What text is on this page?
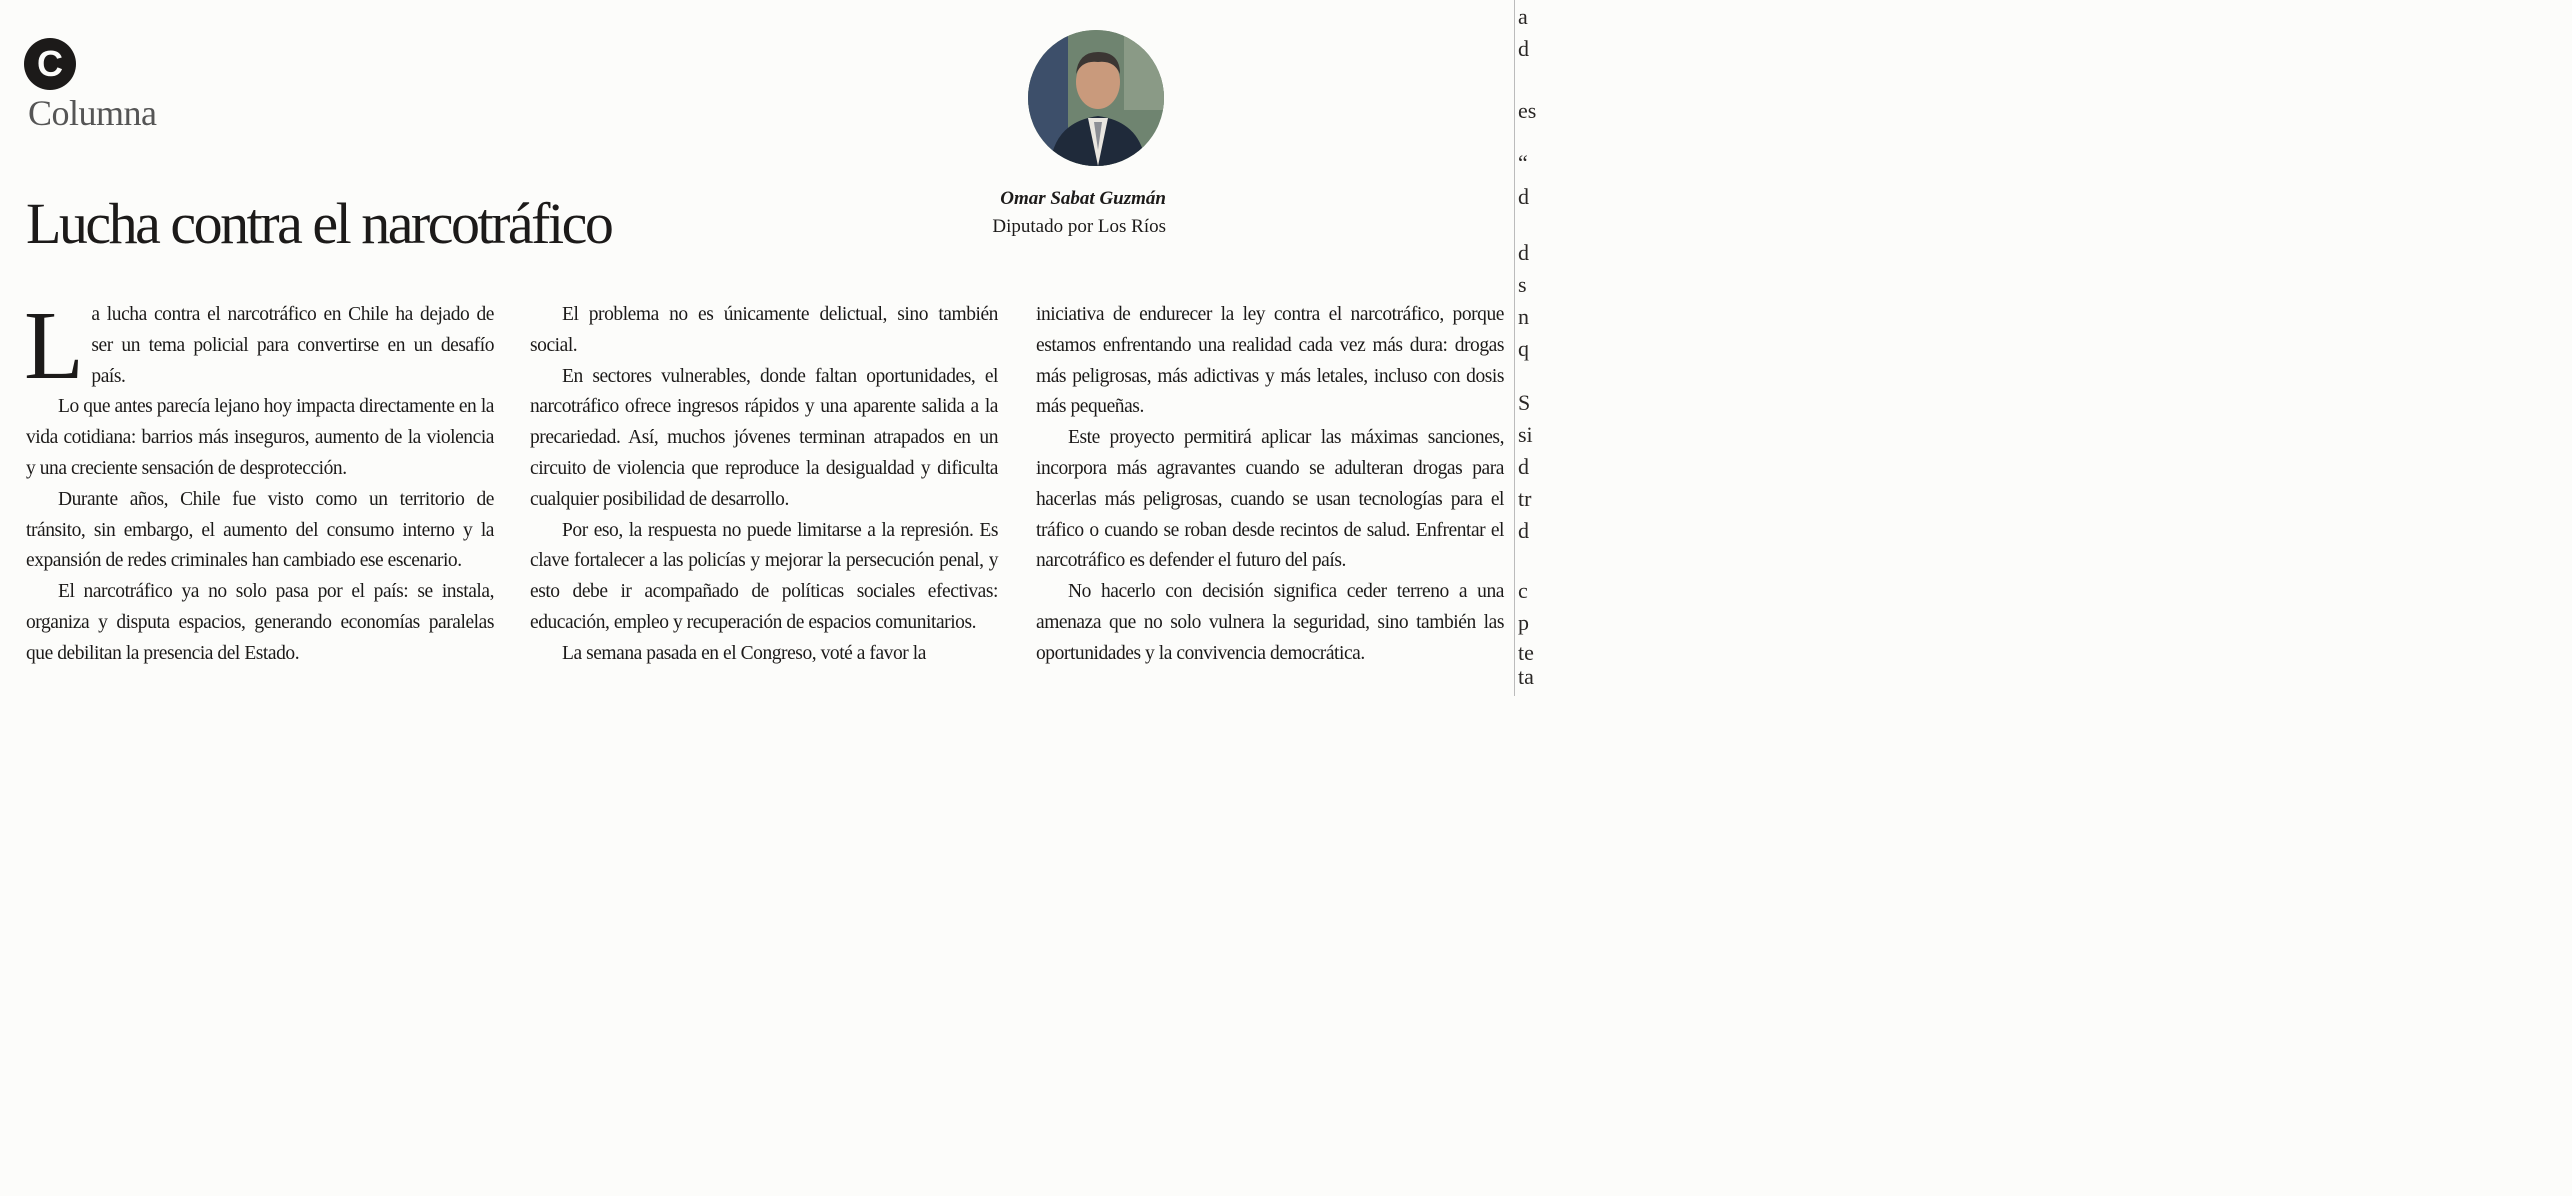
C
Columna
Lucha contra el narcotráfico	Omar Sabat Guzmán
Diputado por Los Ríos

La lucha contra el narcotráfico en Chile ha dejado de ser un tema policial para convertirse en un desafío país.

Lo que antes parecía lejano hoy impacta directamente en la vida cotidiana: barrios más inseguros, aumento de la violencia y una creciente sensación de desprotección.

Durante años, Chile fue visto como un territorio de tránsito, sin embargo, el aumento del consumo interno y la expansión de redes criminales han cambiado ese escenario.

El narcotráfico ya no solo pasa por el país: se instala, organiza y disputa espacios, generando economías paralelas que debilitan la presencia del Estado.

El problema no es únicamente delictual, sino también social.

En sectores vulnerables, donde faltan oportunidades, el narcotráfico ofrece ingresos rápidos y una aparente salida a la precariedad. Así, muchos jóvenes terminan atrapados en un circuito de violencia que reproduce la desigualdad y dificulta cualquier posibilidad de desarrollo.

Por eso, la respuesta no puede limitarse a la represión. Es clave fortalecer a las policías y mejorar la persecución penal, y esto debe ir acompañado de políticas sociales efectivas: educación, empleo y recuperación de espacios comunitarios.

La semana pasada en el Congreso, voté a favor la

iniciativa de endurecer la ley contra el narcotráfico, porque estamos enfrentando una realidad cada vez más dura: drogas más peligrosas, más adictivas y más letales, incluso con dosis más pequeñas.

Este proyecto permitirá aplicar las máximas sanciones, incorpora más agravantes cuando se adulteran drogas para hacerlas más peligrosas, cuando se usan tecnologías para el tráfico o cuando se roban desde recintos de salud. Enfrentar el narcotráfico es defender el futuro del país.

No hacerlo con decisión significa ceder terreno a una amenaza que no solo vulnera la seguridad, sino también las oportunidades y la convivencia democrática.

a
d
es
“
d
d
s
n
q
S
si
d
tr
d
c
p
te
ta
